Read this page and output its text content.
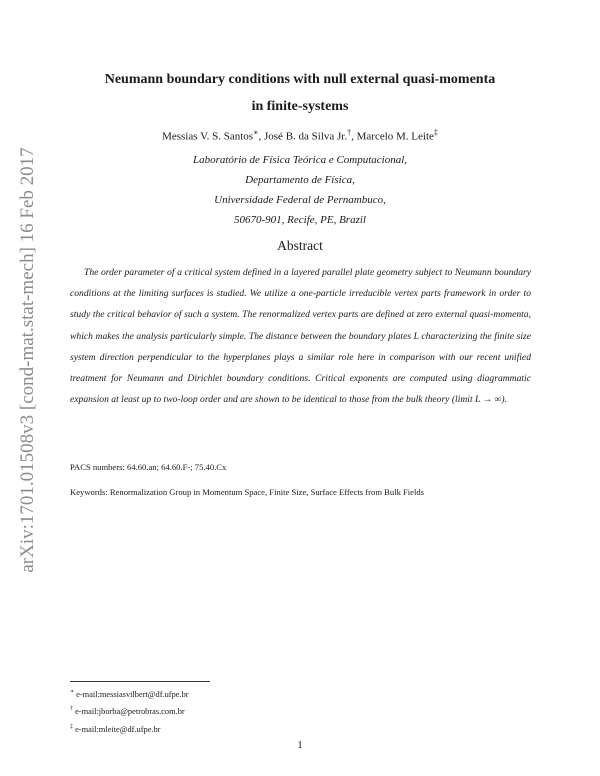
arXiv:1701.01508v3 [cond-mat.stat-mech] 16 Feb 2017
Neumann boundary conditions with null external quasi-momenta
in finite-systems
Messias V. S. Santos∗, José B. da Silva Jr.†, Marcelo M. Leite‡
Laboratório de Física Teórica e Computacional,
Departamento de Física,
Universidade Federal de Pernambuco,
50670-901, Recife, PE, Brazil
Abstract
The order parameter of a critical system defined in a layered parallel plate geometry subject to Neumann boundary conditions at the limiting surfaces is studied. We utilize a one-particle irreducible vertex parts framework in order to study the critical behavior of such a system. The renormalized vertex parts are defined at zero external quasi-momenta, which makes the analysis particularly simple. The distance between the boundary plates L characterizing the finite size system direction perpendicular to the hyperplanes plays a similar role here in comparison with our recent unified treatment for Neumann and Dirichlet boundary conditions. Critical exponents are computed using diagrammatic expansion at least up to two-loop order and are shown to be identical to those from the bulk theory (limit L → ∞).
PACS numbers: 64.60.an; 64.60.F-; 75.40.Cx
Keywords: Renormalization Group in Momentum Space, Finite Size, Surface Effects from Bulk Fields
∗ e-mail:messiasvilbert@df.ufpe.br
† e-mail:jborba@petrobras.com.br
‡ e-mail:mleite@df.ufpe.br
1
